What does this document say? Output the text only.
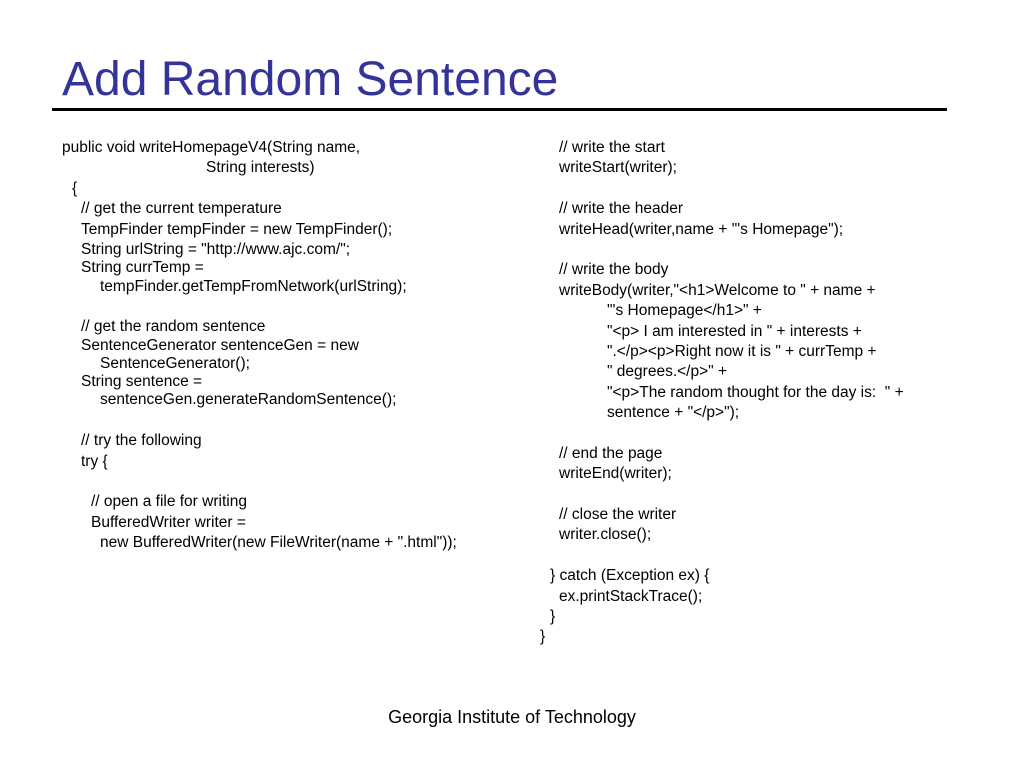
Add Random Sentence
public void writeHomepageV4(String name,
String interests)
{
// get the current temperature
TempFinder tempFinder = new TempFinder();
String urlString = "http://www.ajc.com/";
String currTemp =
tempFinder.getTempFromNetwork(urlString);
// get the random sentence
SentenceGenerator sentenceGen = new
SentenceGenerator();
String sentence =
sentenceGen.generateRandomSentence();
// try the following
try {
// open a file for writing
BufferedWriter writer =
new BufferedWriter(new FileWriter(name + ".html"));
// write the start
writeStart(writer);
// write the header
writeHead(writer,name + "'s Homepage");
// write the body
writeBody(writer,"<h1>Welcome to " + name +
"'s Homepage</h1>" +
"<p> I am interested in " + interests +
".</p><p>Right now it is " + currTemp +
" degrees.</p>" +
"<p>The random thought for the day is:  " +
sentence + "</p>");
// end the page
writeEnd(writer);
// close the writer
writer.close();
} catch (Exception ex) {
ex.printStackTrace();
}
}
Georgia Institute of Technology
